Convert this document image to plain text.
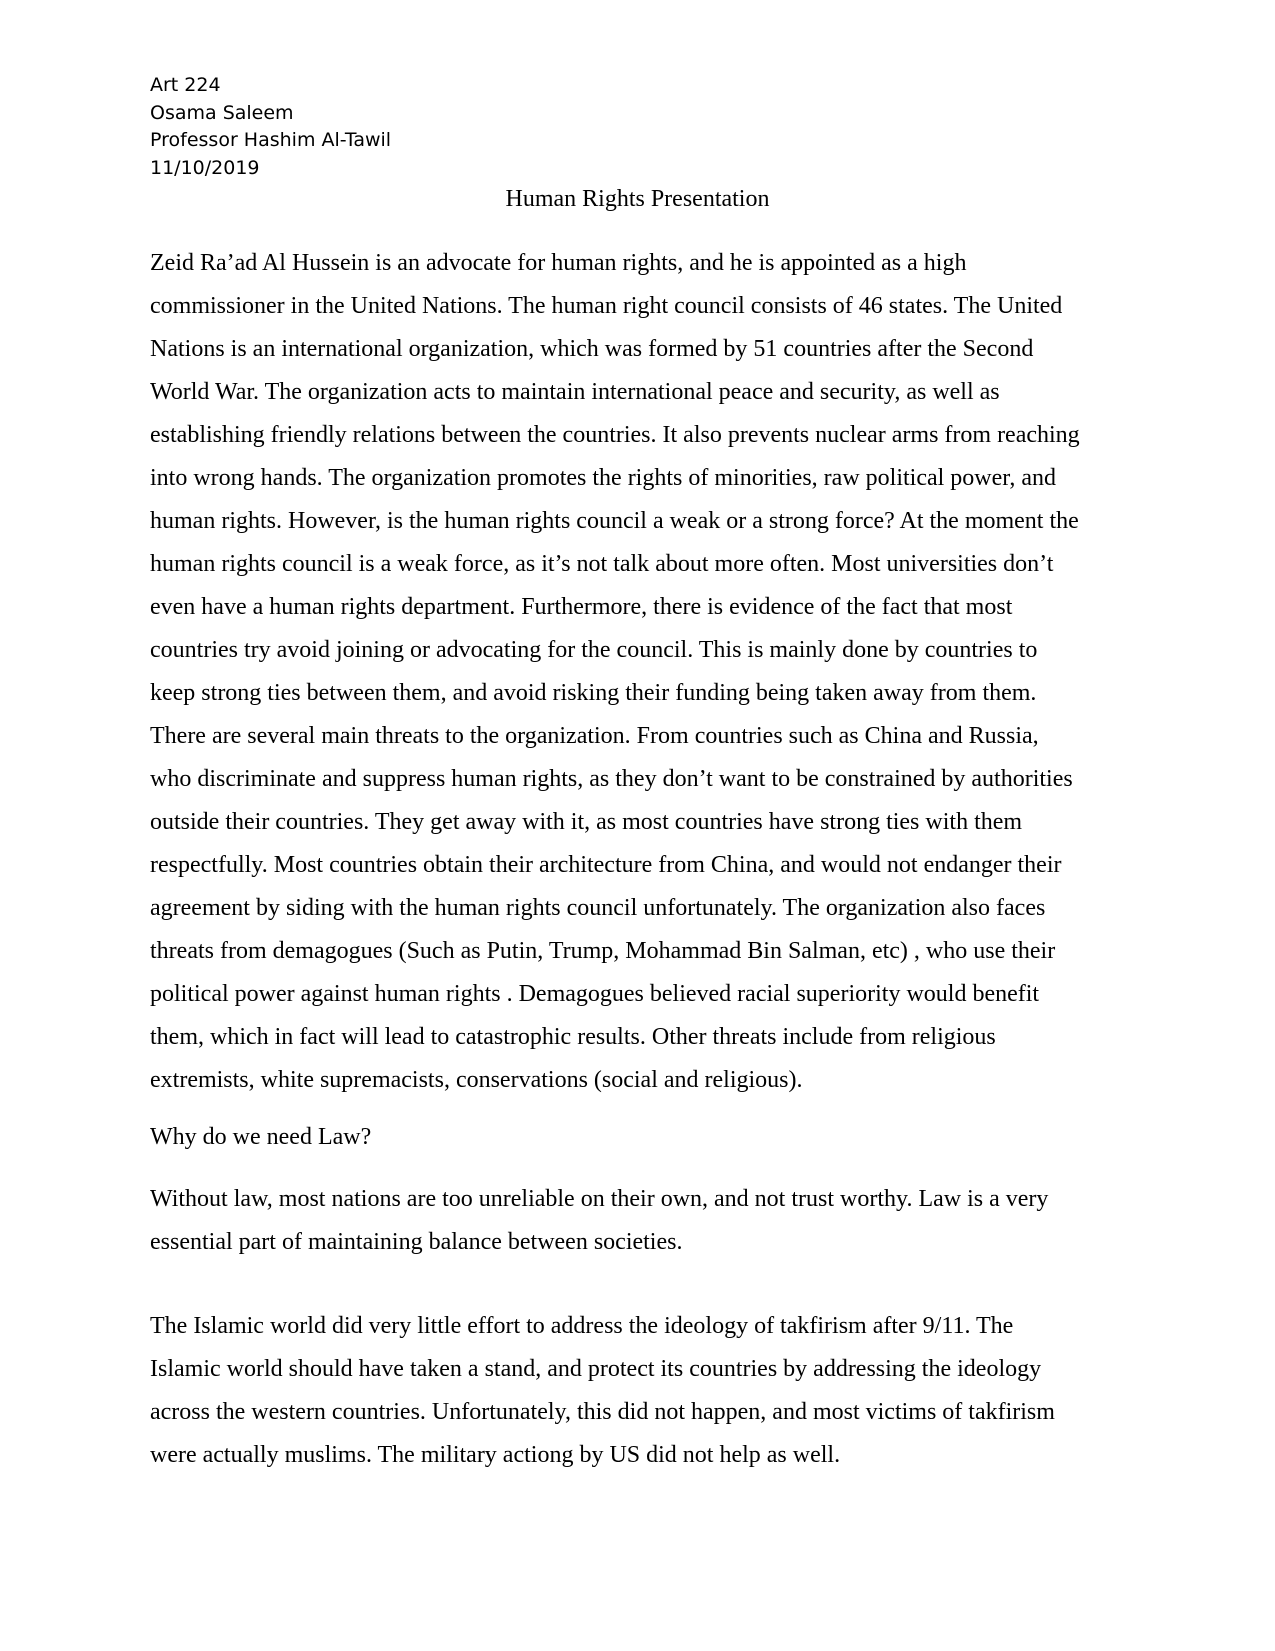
Art 224
Osama Saleem
Professor Hashim Al-Tawil
11/10/2019
Human Rights Presentation
Zeid Ra’ad Al Hussein is an advocate for human rights, and he is appointed as a high
commissioner in the United Nations. The human right council consists of 46 states. The United
Nations is an international organization, which was formed by 51 countries after the Second
World War. The organization acts to maintain international peace and security, as well as
establishing friendly relations between the countries. It also prevents nuclear arms from reaching
into wrong hands. The organization promotes the rights of minorities, raw political power, and
human rights. However, is the human rights council a weak or a strong force? At the moment the
human rights council is a weak force, as it’s not talk about more often. Most universities don’t
even have a human rights department. Furthermore, there is evidence of the fact that most
countries try avoid joining or advocating for the council. This is mainly done by countries to
keep strong ties between them, and avoid risking their funding being taken away from them.
There are several main threats to the organization. From countries such as China and Russia,
who discriminate and suppress human rights, as they don’t want to be constrained by authorities
outside their countries. They get away with it, as most countries have strong ties with them
respectfully. Most countries obtain their architecture from China, and would not endanger their
agreement by siding with the human rights council unfortunately. The organization also faces
threats from demagogues (Such as Putin, Trump, Mohammad Bin Salman, etc) , who use their
political power against human rights . Demagogues believed racial superiority would benefit
them, which in fact will lead to catastrophic results. Other threats include from religious
extremists, white supremacists, conservations (social and religious).
Why do we need Law?
Without law, most nations are too unreliable on their own, and not trust worthy. Law is a very
essential part of maintaining balance between societies.
The Islamic world did very little effort to address the ideology of takfirism after 9/11. The
Islamic world should have taken a stand, and protect its countries by addressing the ideology
across the western countries. Unfortunately, this did not happen, and most victims of takfirism
were actually muslims. The military actiong by US did not help as well.
